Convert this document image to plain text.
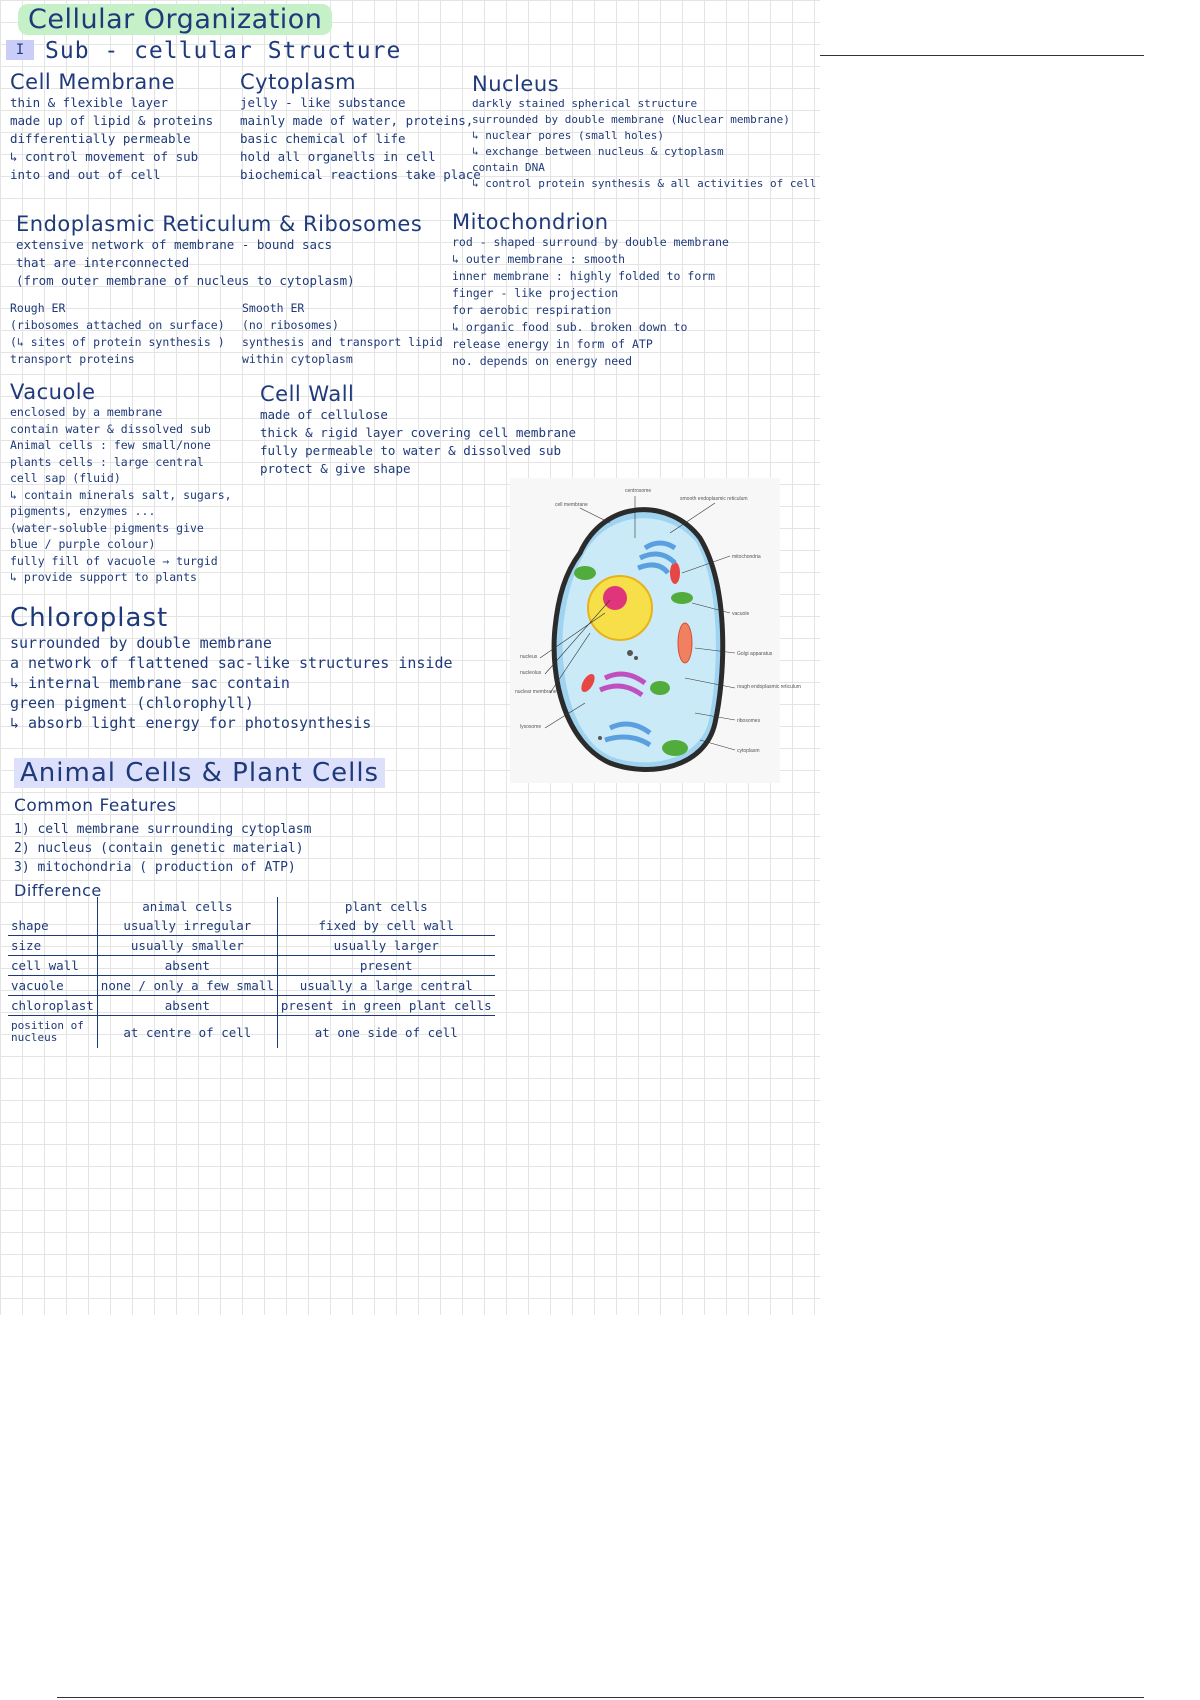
Cellular Organization
I Sub - cellular Structure
Cell Membrane
thin & flexible layer
made up of lipid & proteins
differentially permeable
↳ control movement of sub
into and out of cell
Cytoplasm
jelly - like substance
mainly made of water, proteins,
basic chemical of life
hold all organells in cell
biochemical reactions take place
Nucleus
darkly stained spherical structure
surrounded by double membrane (Nuclear membrane)
↳ nuclear pores (small holes)
↳ exchange between nucleus & cytoplasm
contain DNA
↳ control protein synthesis & all activities of cell
Endoplasmic Reticulum & Ribosomes
extensive network of membrane - bound sacs
that are interconnected
(from outer membrane of nucleus to cytoplasm)
Rough ER
(ribosomes attached on surface)
(↳ sites of protein synthesis )
transport proteins
Smooth ER
(no ribosomes)
synthesis and transport lipid
within cytoplasm
Mitochondrion
rod - shaped surround by double membrane
↳ outer membrane : smooth
inner membrane : highly folded to form
finger - like projection
for aerobic respiration
↳ organic food sub. broken down to
release energy in form of ATP
no. depends on energy need
Vacuole
enclosed by a membrane
contain water & dissolved sub
Animal cells : few small/none
plants cells : large central
cell sap (fluid)
↳ contain minerals salt, sugars,
pigments, enzymes ...
(water-soluble pigments give
blue / purple colour)
fully fill of vacuole → turgid
↳ provide support to plants
Cell Wall
made of cellulose
thick & rigid layer covering cell membrane
fully permeable to water & dissolved sub
protect & give shape
centrosome
cell membrane
smooth endoplasmic reticulum
mitochondria
vacuole
Golgi apparatus
rough endoplasmic reticulum
ribosomes
cytoplasm
nucleus
nucleolus
nuclear membrane
lysosome
Chloroplast
surrounded by double membrane
a network of flattened sac-like structures inside
↳ internal membrane sac contain
green pigment (chlorophyll)
↳ absorb light energy for photosynthesis
Animal Cells & Plant Cells
Common Features
1) cell membrane surrounding cytoplasm
2) nucleus (contain genetic material)
3) mitochondria ( production of ATP)
Difference
	animal cells	plant cells
shape	usually irregular	fixed by cell wall
size	usually smaller	usually larger
cell wall	absent	present
vacuole	none / only a few small	usually a large central
chloroplast	absent	present in green plant cells
position of nucleus	at centre of cell	at one side of cell
